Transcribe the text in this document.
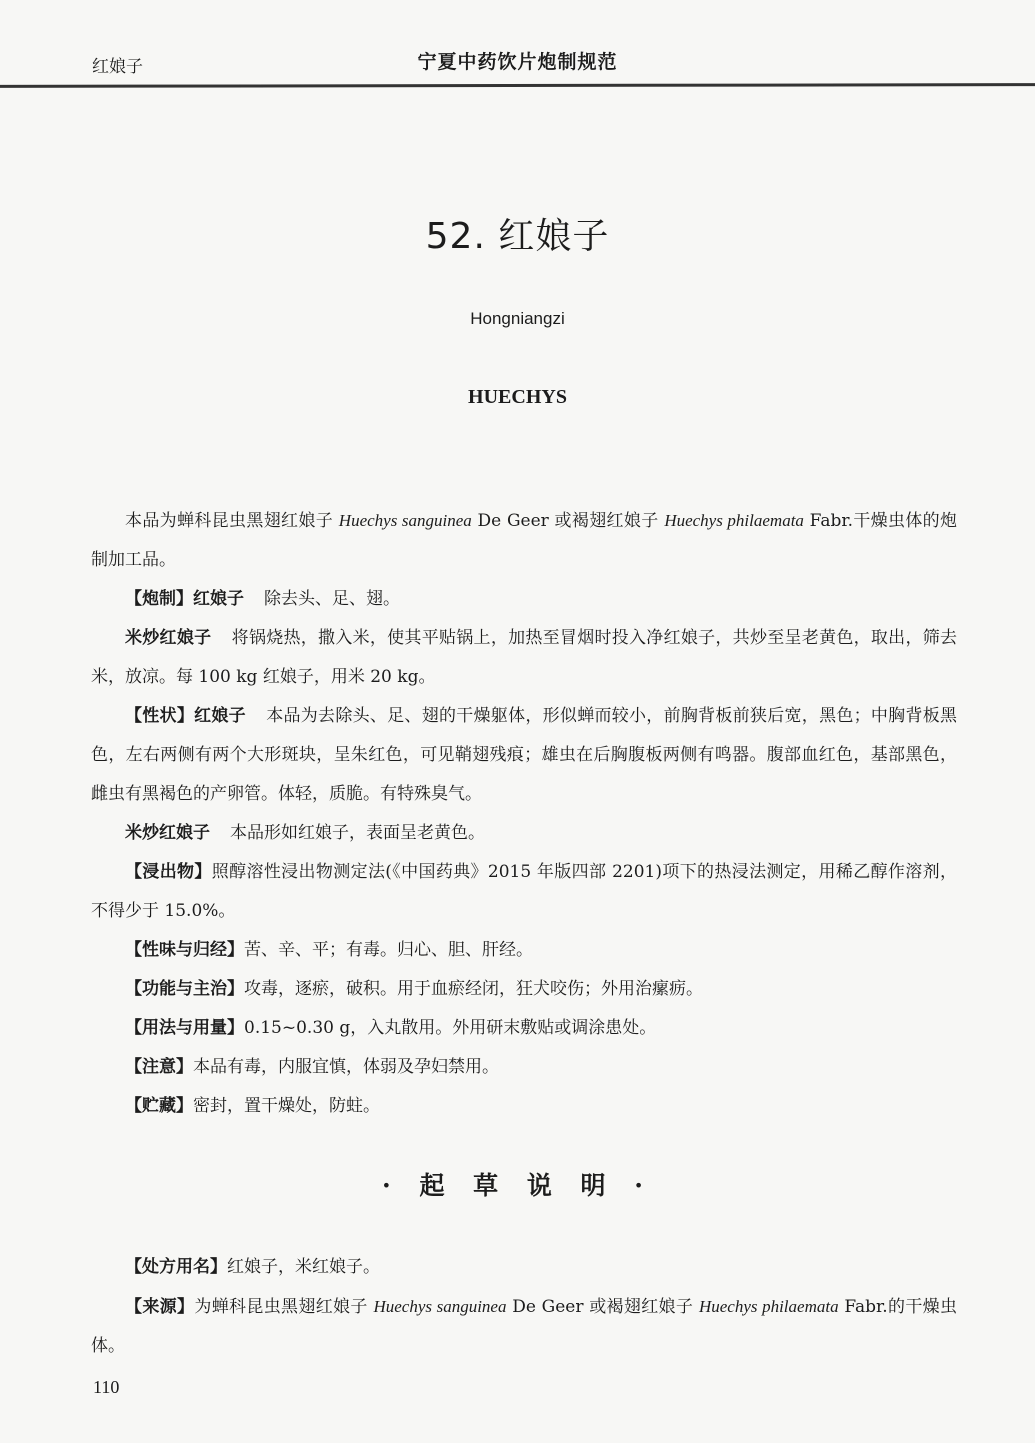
红娘子	宁夏中药饮片炮制规范
52. 红娘子
Hongniangzi
HUECHYS

本品为蝉科昆虫黑翅红娘子 Huechys sanguinea De Geer 或褐翅红娘子 Huechys philaemata Fabr.干燥虫体的炮制加工品。

【炮制】红娘子 除去头、足、翅。

米炒红娘子 将锅烧热，撒入米，使其平贴锅上，加热至冒烟时投入净红娘子，共炒至呈老黄色，取出，筛去米，放凉。每 100 kg 红娘子，用米 20 kg。

【性状】红娘子 本品为去除头、足、翅的干燥躯体，形似蝉而较小，前胸背板前狭后宽，黑色；中胸背板黑色，左右两侧有两个大形斑块，呈朱红色，可见鞘翅残痕；雄虫在后胸腹板两侧有鸣器。腹部血红色，基部黑色，雌虫有黑褐色的产卵管。体轻，质脆。有特殊臭气。

米炒红娘子 本品形如红娘子，表面呈老黄色。

【浸出物】照醇溶性浸出物测定法(《中国药典》2015 年版四部 2201)项下的热浸法测定，用稀乙醇作溶剂，不得少于 15.0%。

【性味与归经】苦、辛、平；有毒。归心、胆、肝经。

【功能与主治】攻毒，逐瘀，破积。用于血瘀经闭，狂犬咬伤；外用治瘰疬。

【用法与用量】0.15~0.30 g，入丸散用。外用研末敷贴或调涂患处。

【注意】本品有毒，内服宜慎，体弱及孕妇禁用。

【贮藏】密封，置干燥处，防蛀。

· 起 草 说 明 ·

【处方用名】红娘子，米红娘子。

【来源】为蝉科昆虫黑翅红娘子 Huechys sanguinea De Geer 或褐翅红娘子 Huechys philaemata Fabr.的干燥虫体。

110
